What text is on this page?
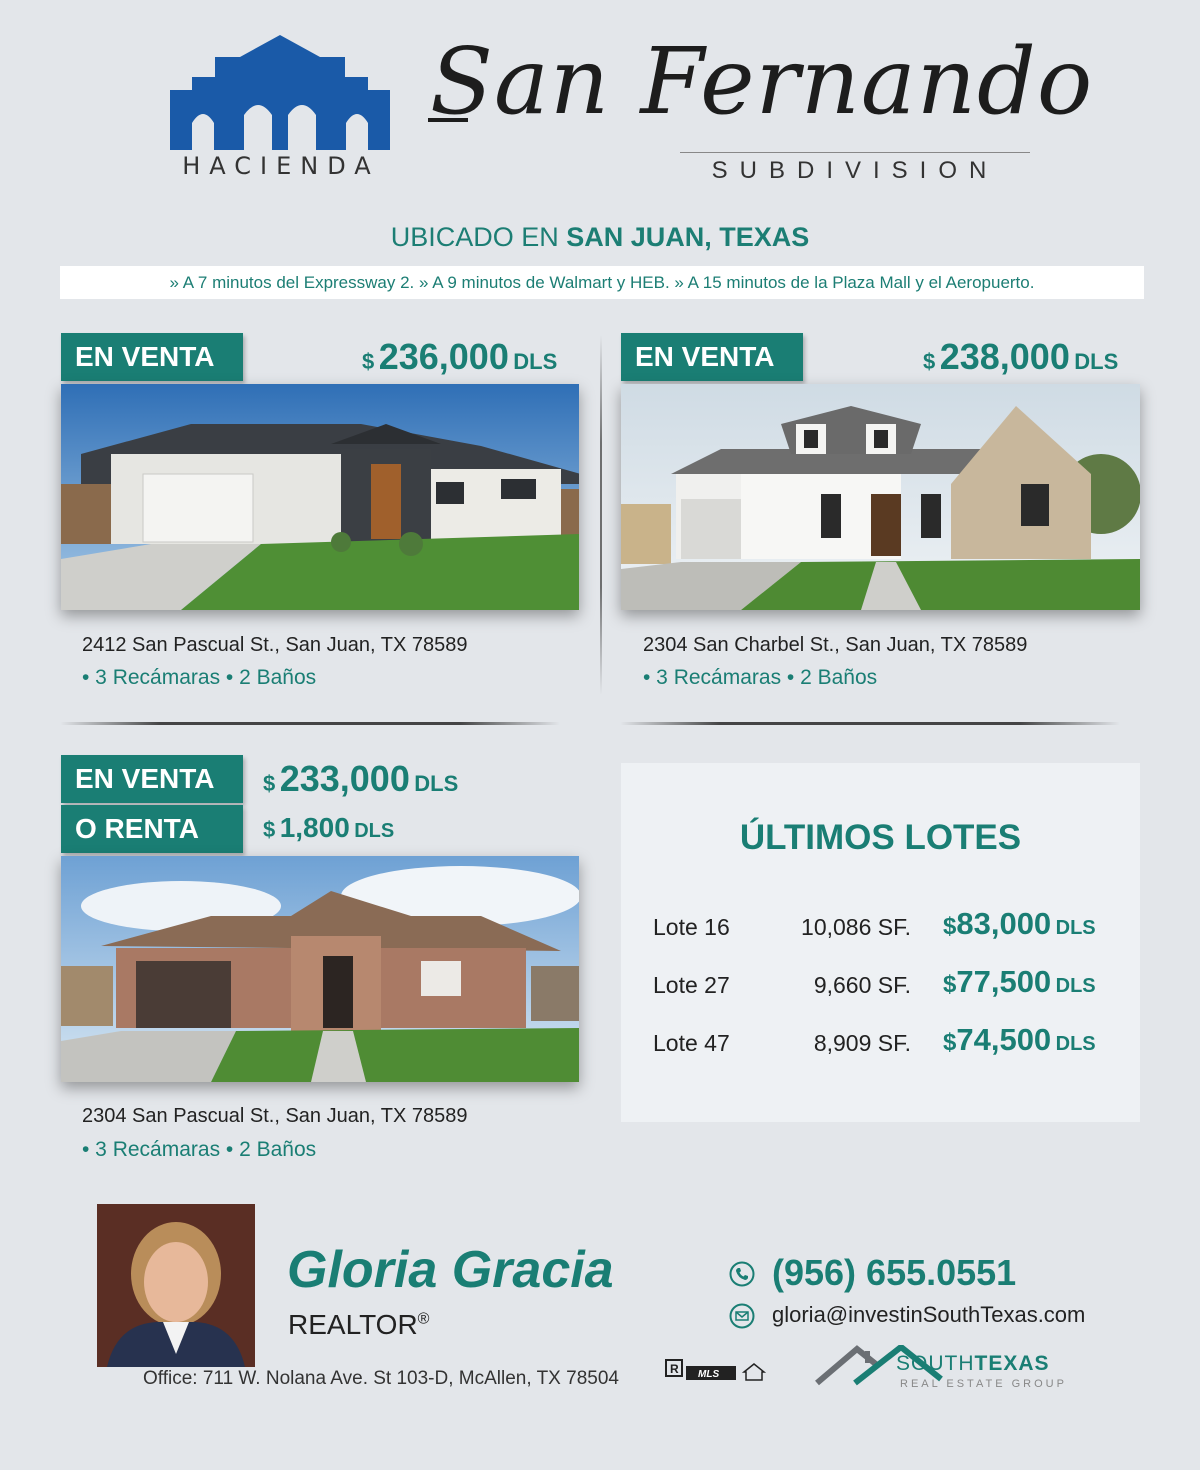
HACIENDA
San Fernando
SUBDIVISION
UBICADO EN SAN JUAN, TEXAS
» A 7 minutos del Expressway 2. » A 9 minutos de Walmart y HEB. » A 15 minutos de la Plaza Mall y el Aeropuerto.
EN VENTA	$ 236,000 DLS
2412 San Pascual St., San Juan, TX 78589
• 3 Recámaras • 2 Baños
EN VENTA	$ 238,000 DLS
2304 San Charbel St., San Juan, TX 78589
• 3 Recámaras • 2 Baños
EN VENTA
O RENTA
$ 233,000 DLS
$ 1,800 DLS
2304 San Pascual St., San Juan, TX 78589
• 3 Recámaras • 2 Baños
ÚLTIMOS LOTES
Lote 16	10,086 SF. $83,000 DLS
Lote 27	9,660 SF. $77,500 DLS
Lote 47	8,909 SF. $74,500 DLS
Gloria Gracia
REALTOR®
(956) 655.0551
gloria@investinSouthTexas.com
Office: 711 W. Nolana Ave. St 103-D, McAllen, TX 78504	R MLS	SOUTHTEXAS
REAL ESTATE GROUP
